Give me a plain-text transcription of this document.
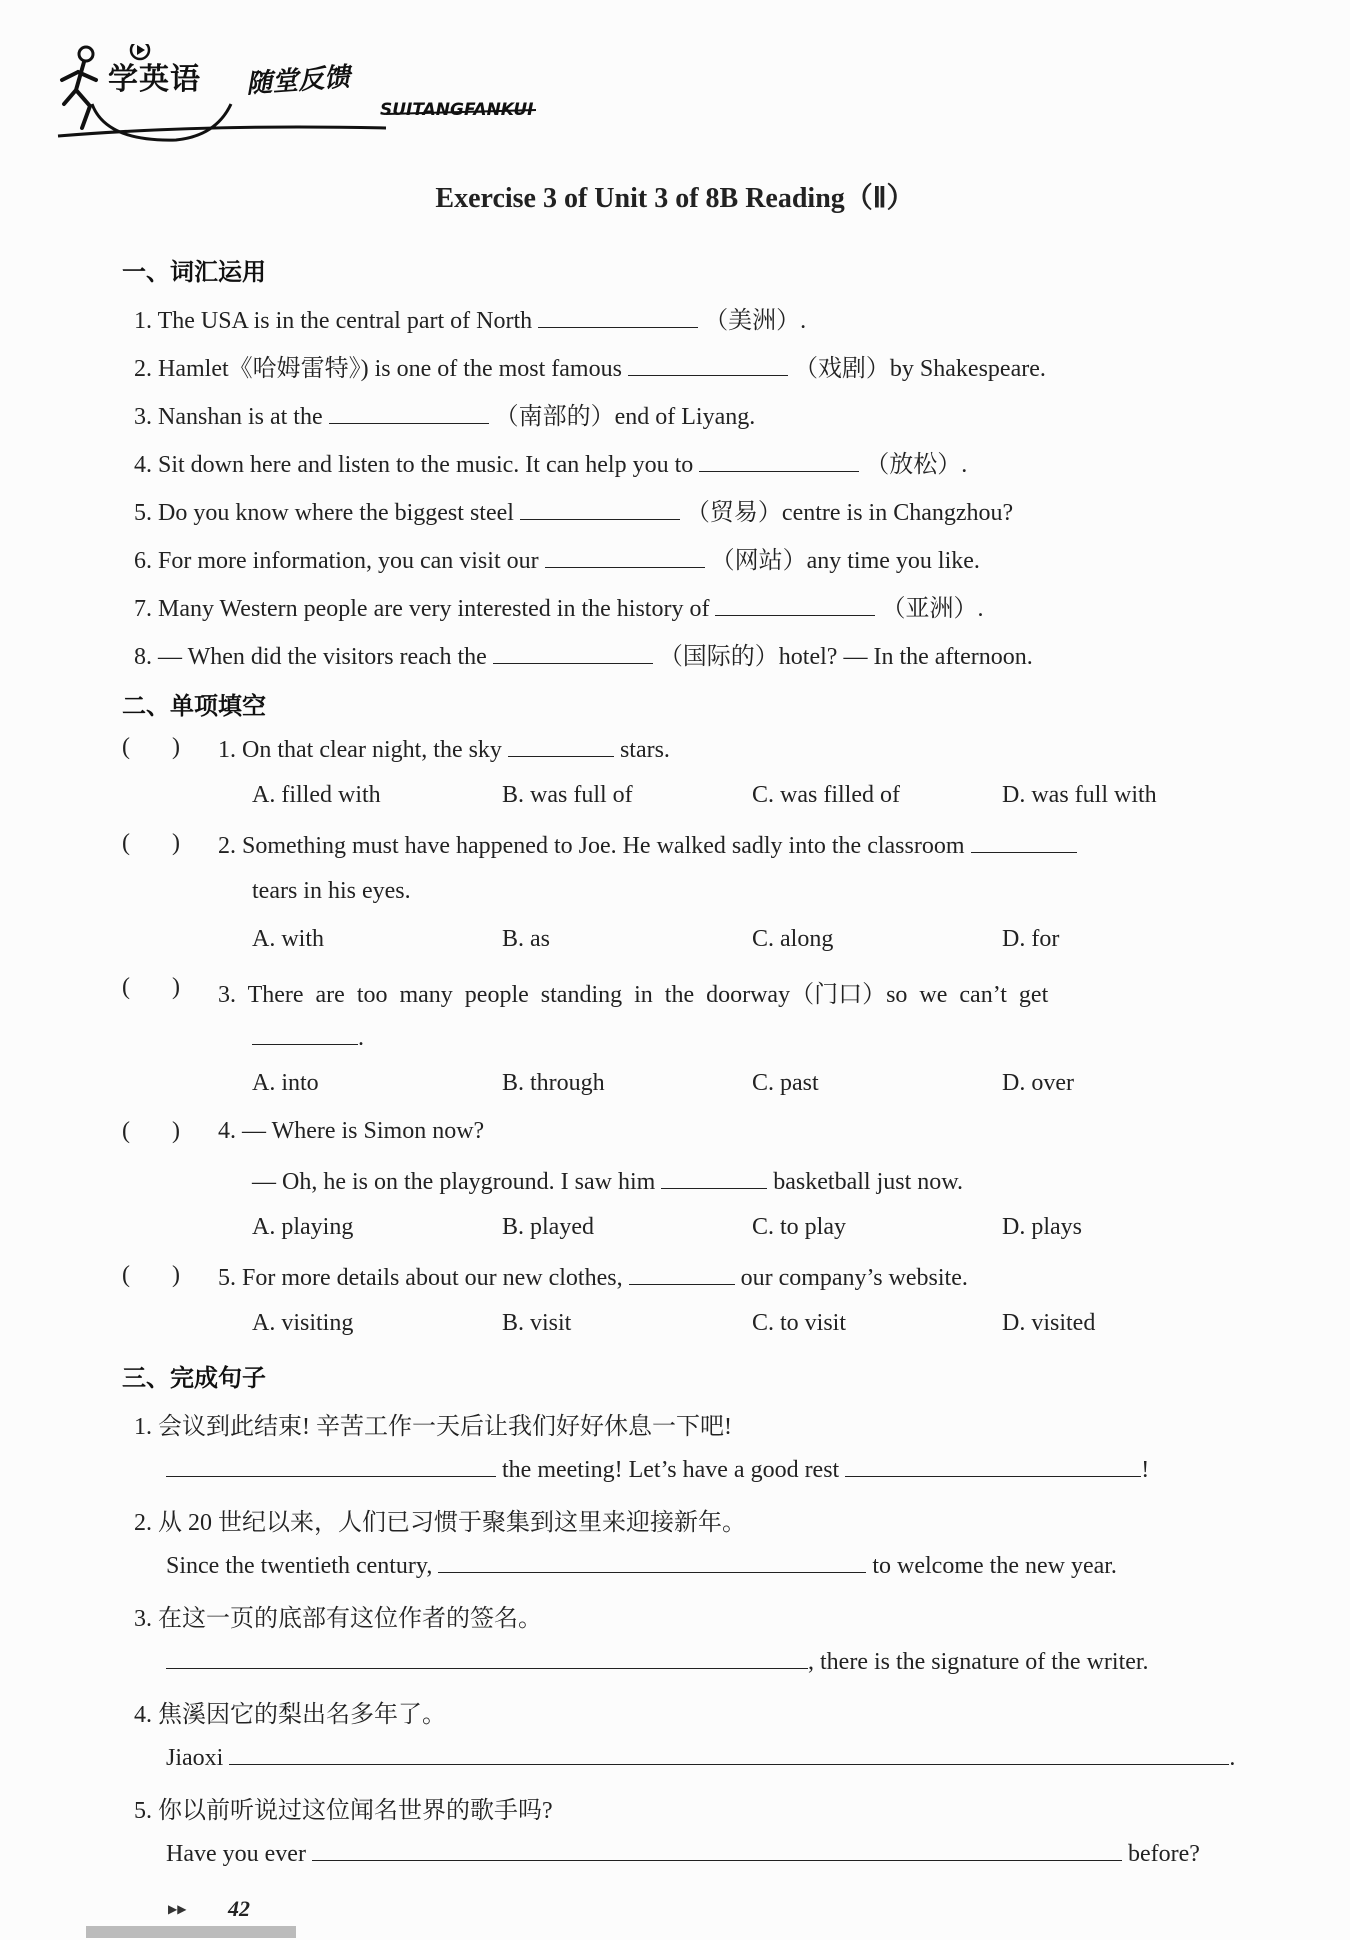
学英语 随堂反馈
SUITANGFANKUI
Exercise 3 of Unit 3 of 8B Reading（Ⅱ）
一、词汇运用
1. The USA is in the central part of North	（美洲）.
2. Hamlet《哈姆雷特》) is one of the most famous	（戏剧）by Shakespeare.
3. Nanshan is at the	（南部的）end of Liyang.
4. Sit down here and listen to the music. It can help you to	（放松）.
5. Do you know where the biggest steel	（贸易）centre is in Changzhou?
6. For more information, you can visit our	（网站）any time you like.
7. Many Western people are very interested in the history of	（亚洲）.
8. — When did the visitors reach the	（国际的）hotel? — In the afternoon.
二、单项填空
(       ) 1. On that clear night, the sky	stars.
A. filled with	B. was full of	C. was filled of	D. was full with
(       ) 2. Something must have happened to Joe. He walked sadly into the classroom
tears in his eyes.
A. with	B. as	C. along	D. for
(       ) 3. There are too many people standing in the doorway（门口）so we can’t get
.
A. into	B. through	C. past	D. over
(       ) 4. — Where is Simon now?
— Oh, he is on the playground. I saw him	basketball just now.
A. playing	B. played	C. to play	D. plays
(       ) 5. For more details about our new clothes,	our company’s website.
A. visiting	B. visit	C. to visit	D. visited
三、完成句子
1. 会议到此结束! 辛苦工作一天后让我们好好休息一下吧!
the meeting! Let’s have a good rest	!
2. 从 20 世纪以来，人们已习惯于聚集到这里来迎接新年。
Since the twentieth century,	to welcome the new year.
3. 在这一页的底部有这位作者的签名。
, there is the signature of the writer.
4. 焦溪因它的梨出名多年了。
Jiaoxi	.
5. 你以前听说过这位闻名世界的歌手吗?
Have you ever	before?
▶▶ 42
